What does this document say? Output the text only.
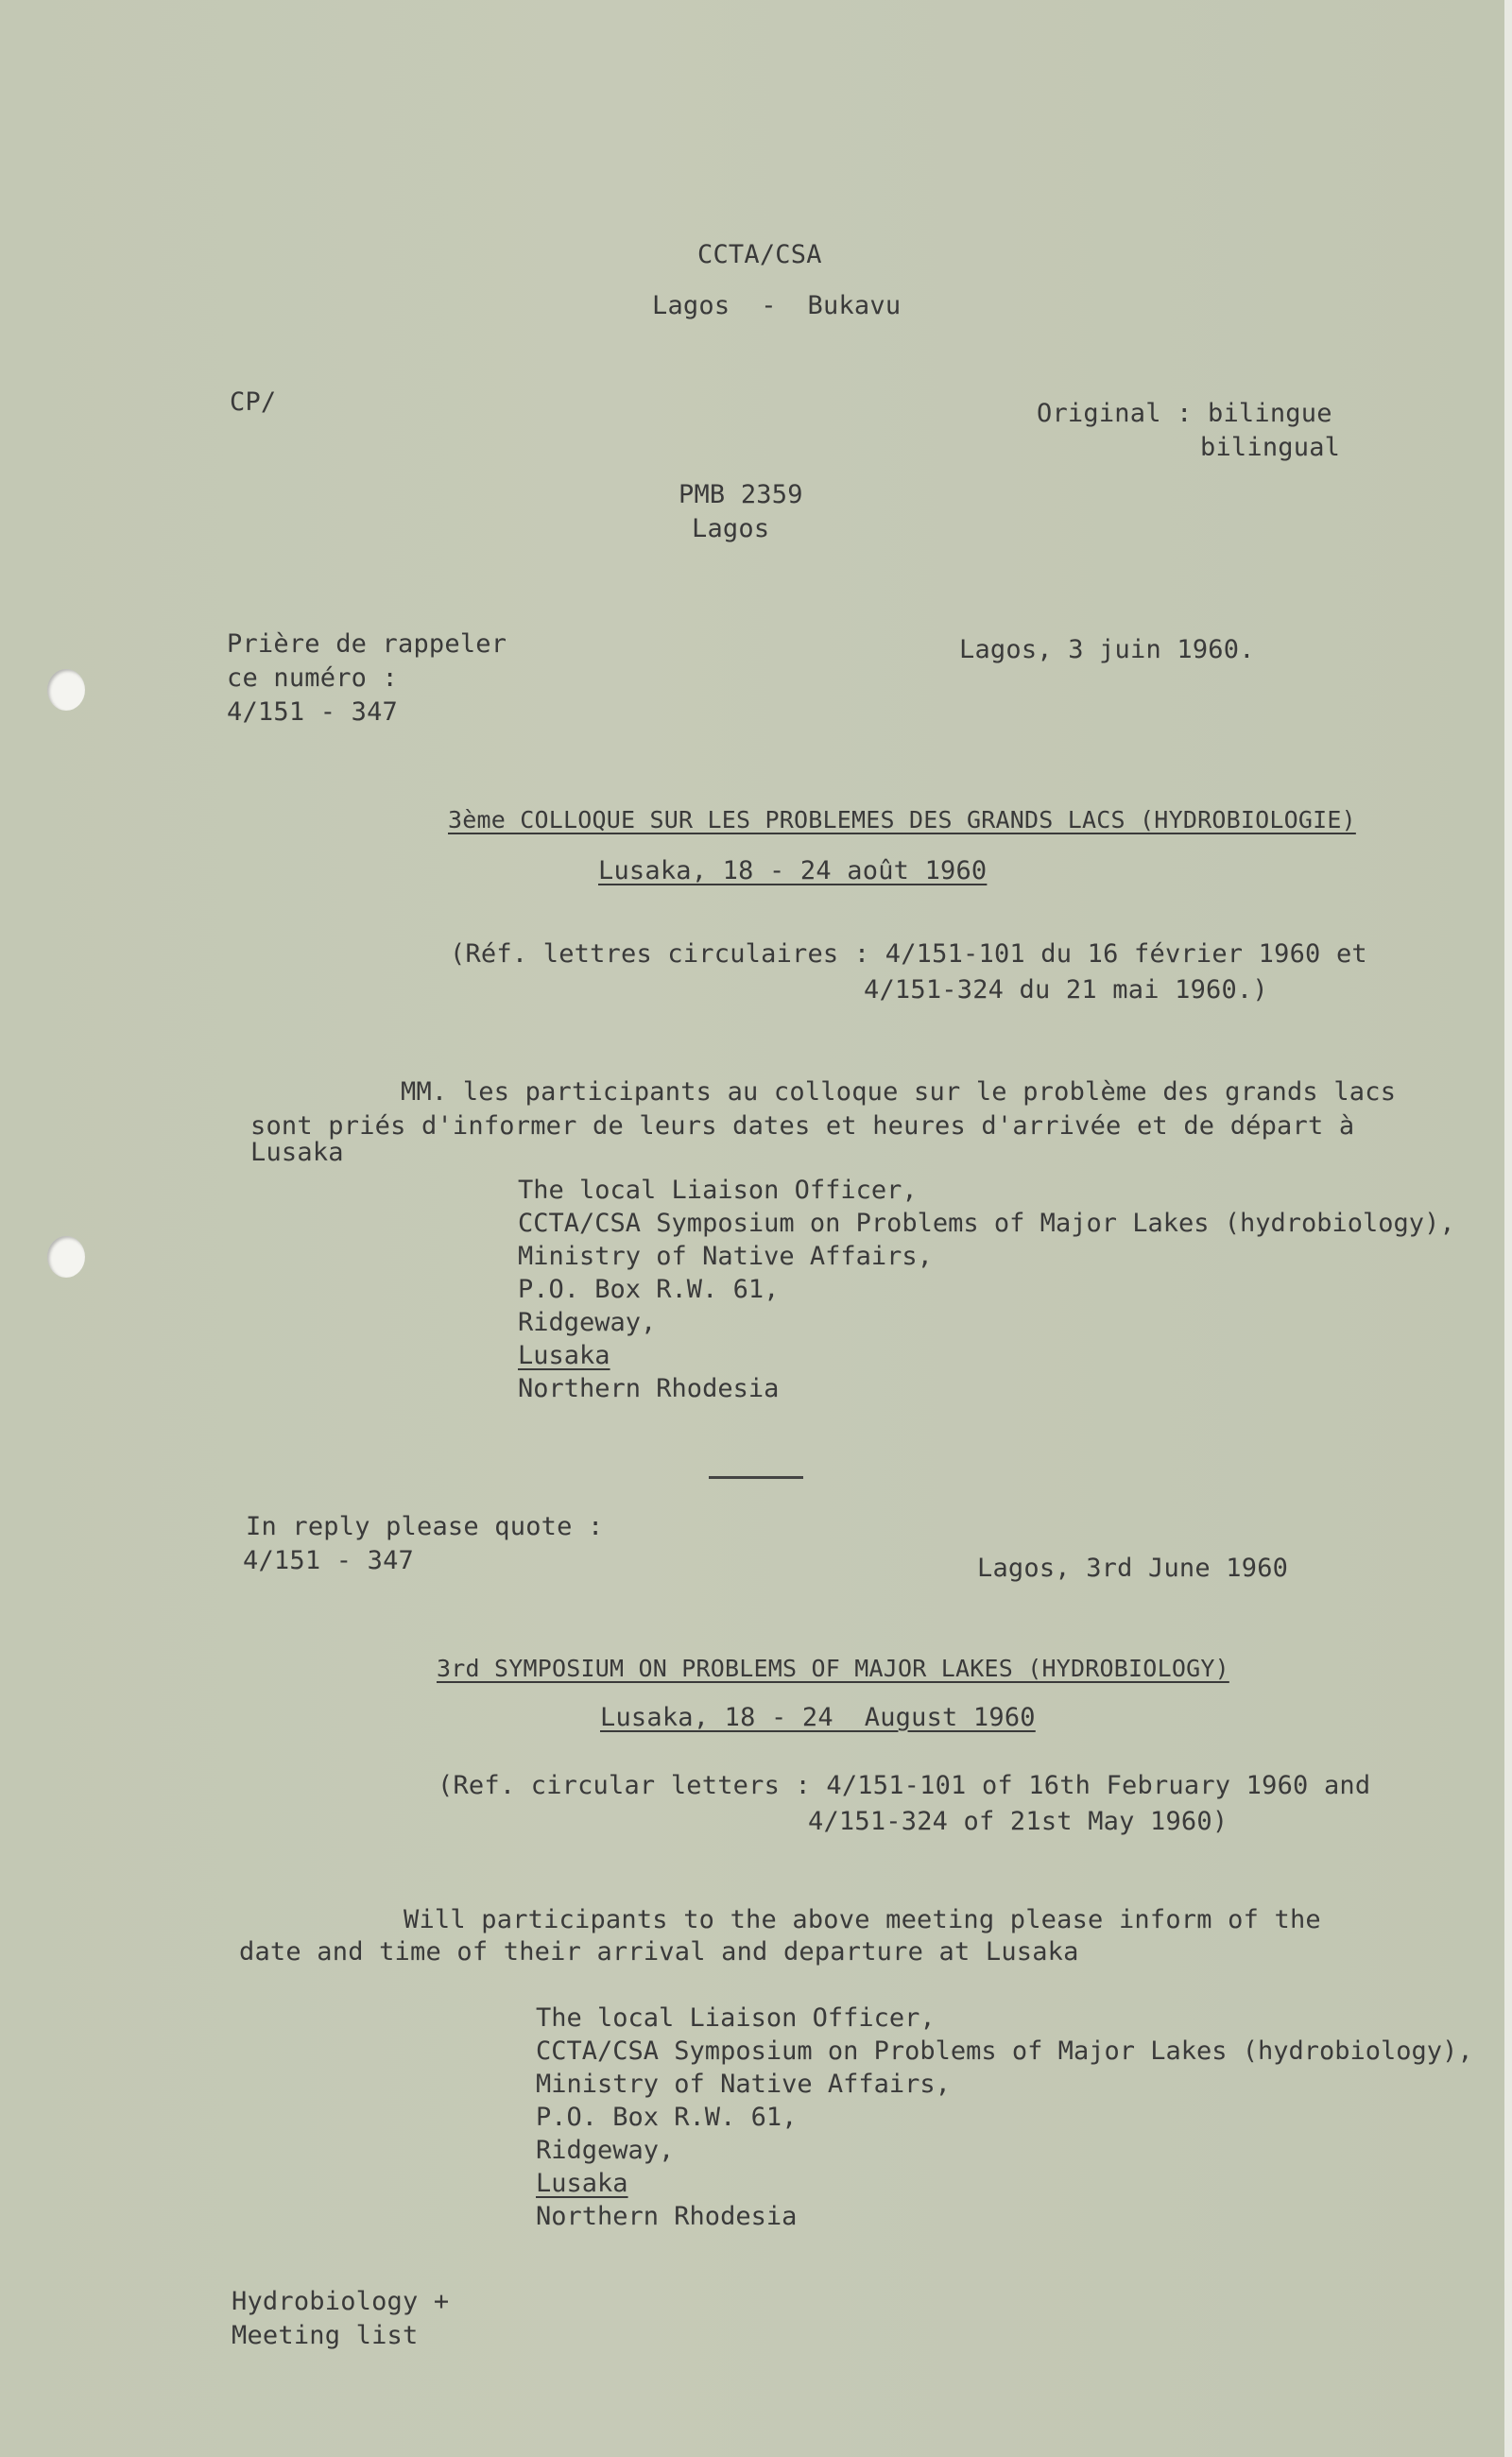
CCTA/CSA
Lagos  -  Bukavu
CP/	Original : bilingue
bilingual
PMB 2359
Lagos
Prière de rappeler
ce numéro :
4/151 - 347
Lagos, 3 juin 1960.
3ème COLLOQUE SUR LES PROBLEMES DES GRANDS LACS (HYDROBIOLOGIE)
Lusaka, 18 - 24 août 1960
(Réf. lettres circulaires : 4/151-101 du 16 février 1960 et
4/151-324 du 21 mai 1960.)
MM. les participants au colloque sur le problème des grands lacs
sont priés d'informer de leurs dates et heures d'arrivée et de départ à
Lusaka
The local Liaison Officer,
CCTA/CSA Symposium on Problems of Major Lakes (hydrobiology),
Ministry of Native Affairs,
P.O. Box R.W. 61,
Ridgeway,
Lusaka
Northern Rhodesia
In reply please quote :
4/151 - 347	Lagos, 3rd June 1960
3rd SYMPOSIUM ON PROBLEMS OF MAJOR LAKES (HYDROBIOLOGY)
Lusaka, 18 - 24  August 1960
(Ref. circular letters : 4/151-101 of 16th February 1960 and
4/151-324 of 21st May 1960)
Will participants to the above meeting please inform of the
date and time of their arrival and departure at Lusaka
The local Liaison Officer,
CCTA/CSA Symposium on Problems of Major Lakes (hydrobiology),
Ministry of Native Affairs,
P.O. Box R.W. 61,
Ridgeway,
Lusaka
Northern Rhodesia
Hydrobiology +
Meeting list
